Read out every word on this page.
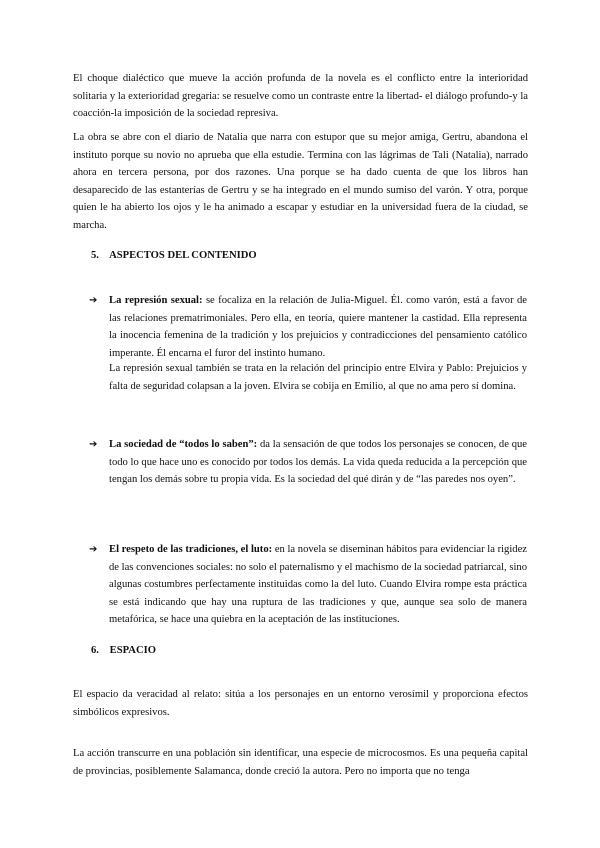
El choque dialéctico que mueve la acción profunda de la novela es el conflicto entre la interioridad solitaria y la exterioridad gregaria: se resuelve como un contraste entre la libertad- el diálogo profundo-y la coacción-la imposición de la sociedad represiva.

La obra se abre con el diario de Natalia que narra con estupor que su mejor amiga, Gertru, abandona el instituto porque su novio no aprueba que ella estudie. Termina con las lágrimas de Tali (Natalia), narrado ahora en tercera persona, por dos razones. Una porque se ha dado cuenta de que los libros han desaparecido de las estanterías de Gertru y se ha integrado en el mundo sumiso del varón. Y otra, porque quien le ha abierto los ojos y le ha animado a escapar y estudiar en la universidad fuera de la ciudad, se marcha.

5. ASPECTOS DEL CONTENIDO
➔ La represión sexual: se focaliza en la relación de Julia-Miguel. Él. como varón, está a favor de las relaciones prematrimoniales. Pero ella, en teoría, quiere mantener la castidad. Ella representa la inocencia femenina de la tradición y los prejuicios y contradicciones del pensamiento católico imperante. Él encarna el furor del instinto humano.

La represión sexual también se trata en la relación del principio entre Elvira y Pablo: Prejuicios y falta de seguridad colapsan a la joven. Elvira se cobija en Emilio, al que no ama pero sí domina.

➔ La sociedad de “todos lo saben”: da la sensación de que todos los personajes se conocen, de que todo lo que hace uno es conocido por todos los demás. La vida queda reducida a la percepción que tengan los demás sobre tu propia vida. Es la sociedad del qué dirán y de “las paredes nos oyen”.
➔ El respeto de las tradiciones, el luto: en la novela se diseminan hábitos para evidenciar la rigidez de las convenciones sociales: no solo el paternalismo y el machismo de la sociedad patriarcal, sino algunas costumbres perfectamente instituidas como la del luto. Cuando Elvira rompe esta práctica se está indicando que hay una ruptura de las tradiciones y que, aunque sea solo de manera metafórica, se hace una quiebra en la aceptación de las instituciones.
6. ESPACIO

El espacio da veracidad al relato: sitúa a los personajes en un entorno verosímil y proporciona efectos simbólicos expresivos.

La acción transcurre en una población sin identificar, una especie de microcosmos. Es una pequeña capital de provincias, posiblemente Salamanca, donde creció la autora. Pero no importa que no tenga
